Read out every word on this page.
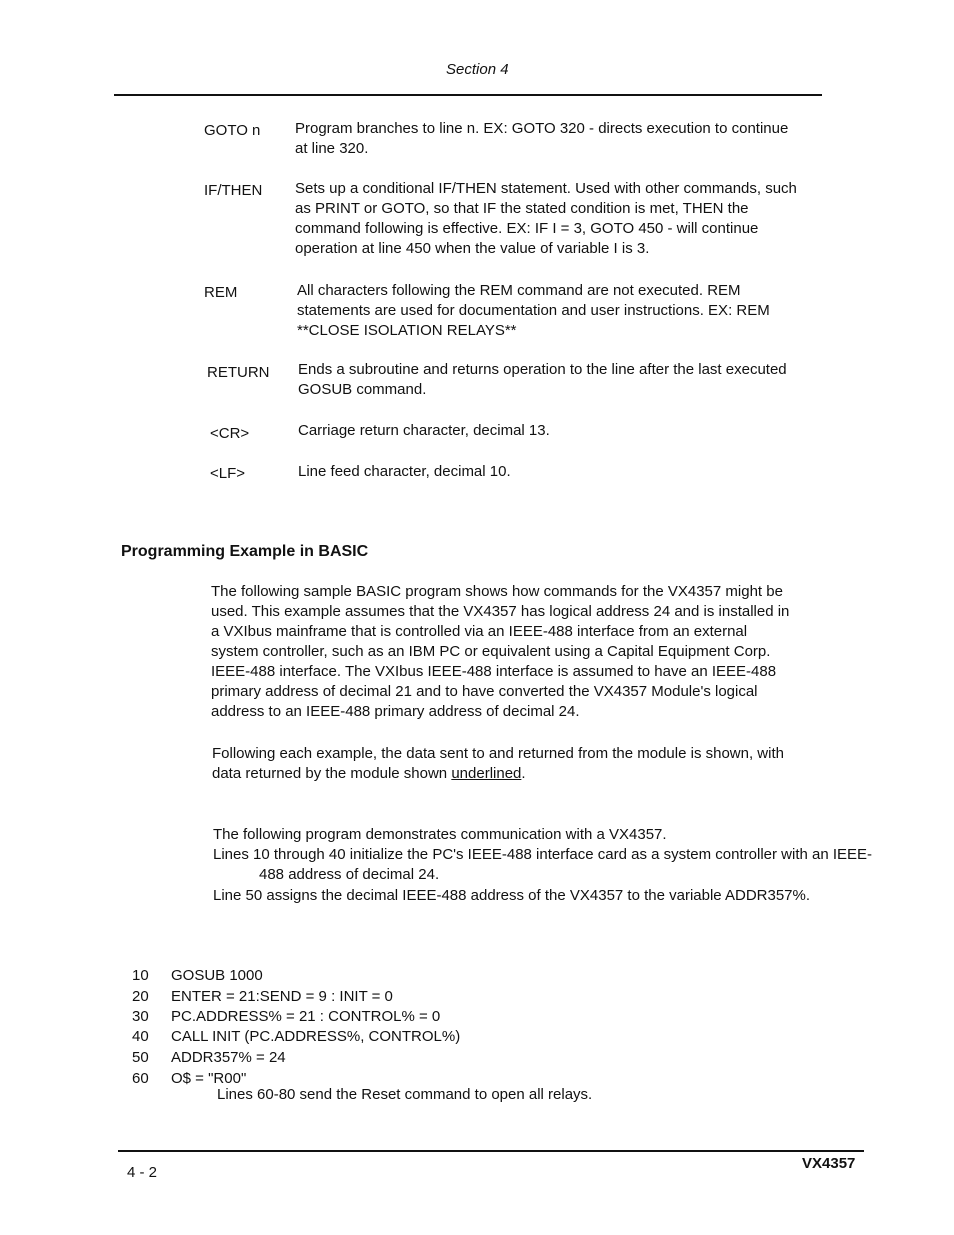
Section 4
GOTO n	Program branches to line n. EX: GOTO 320 - directs execution to continue
at line 320.
IF/THEN	Sets up a conditional IF/THEN statement. Used with other commands, such
as PRINT or GOTO, so that IF the stated condition is met, THEN the
command following is effective. EX: IF I = 3, GOTO 450 - will continue
operation at line 450 when the value of variable I is 3.
REM	All characters following the REM command are not executed. REM
statements are used for documentation and user instructions. EX: REM
**CLOSE ISOLATION RELAYS**
RETURN	Ends a subroutine and returns operation to the line after the last executed
GOSUB command.
<CR>	Carriage return character, decimal 13.
<LF>	Line feed character, decimal 10.
Programming Example in BASIC
The following sample BASIC program shows how commands for the VX4357 might be
used. This example assumes that the VX4357 has logical address 24 and is installed in
a VXIbus mainframe that is controlled via an IEEE-488 interface from an external
system controller, such as an IBM PC or equivalent using a Capital Equipment Corp.
IEEE-488 interface. The VXIbus IEEE-488 interface is assumed to have an IEEE-488
primary address of decimal 21 and to have converted the VX4357 Module's logical
address to an IEEE-488 primary address of decimal 24.
Following each example, the data sent to and returned from the module is shown, with
data returned by the module shown underlined.
The following program demonstrates communication with a VX4357.
Lines 10 through 40 initialize the PC's IEEE-488 interface card as a system controller with an IEEE-488 address of decimal 24.
Line 50 assigns the decimal IEEE-488 address of the VX4357 to the variable ADDR357%.
10	GOSUB 1000
20	ENTER = 21:SEND = 9 : INIT = 0
30	PC.ADDRESS% = 21 : CONTROL% = 0
40	CALL INIT (PC.ADDRESS%, CONTROL%)
50	ADDR357% = 24
60	O$ = "R00"
Lines 60-80 send the Reset command to open all relays.
4 - 2
VX4357
